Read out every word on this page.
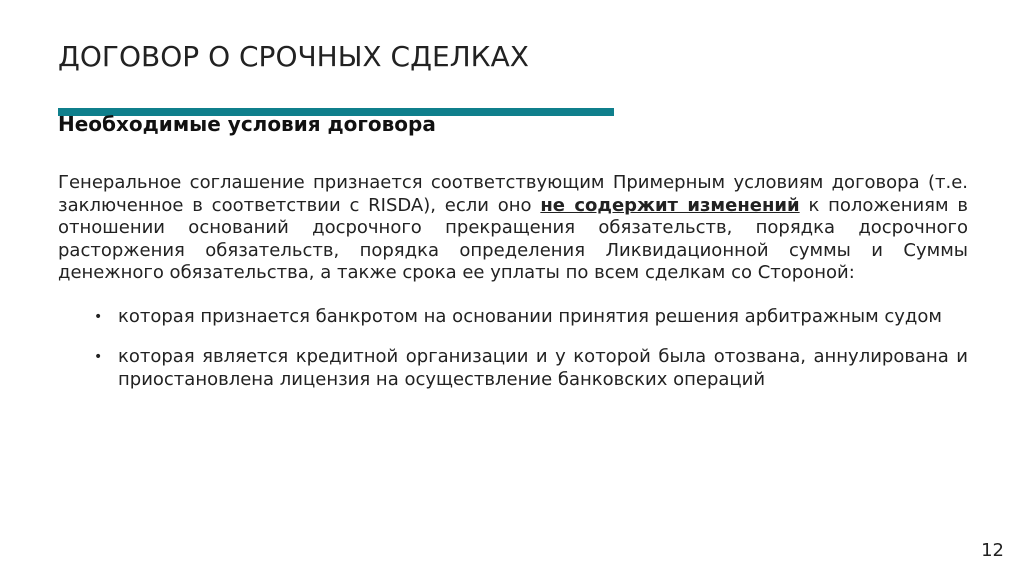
ДОГОВОР О СРОЧНЫХ СДЕЛКАХ
Необходимые условия договора

Генеральное соглашение признается соответствующим Примерным условиям договора (т.е. заключенное в соответствии с RISDA), если оно не содержит изменений к положениям в отношении оснований досрочного прекращения обязательств, порядка досрочного расторжения обязательств, порядка определения Ликвидационной суммы и Суммы денежного обязательства, а также срока ее уплаты по всем сделкам со Стороной:

• которая признается банкротом на основании принятия решения арбитражным судом
• которая является кредитной организации и у которой была отозвана, аннулирована и приостановлена лицензия на осуществление банковских операций
12
